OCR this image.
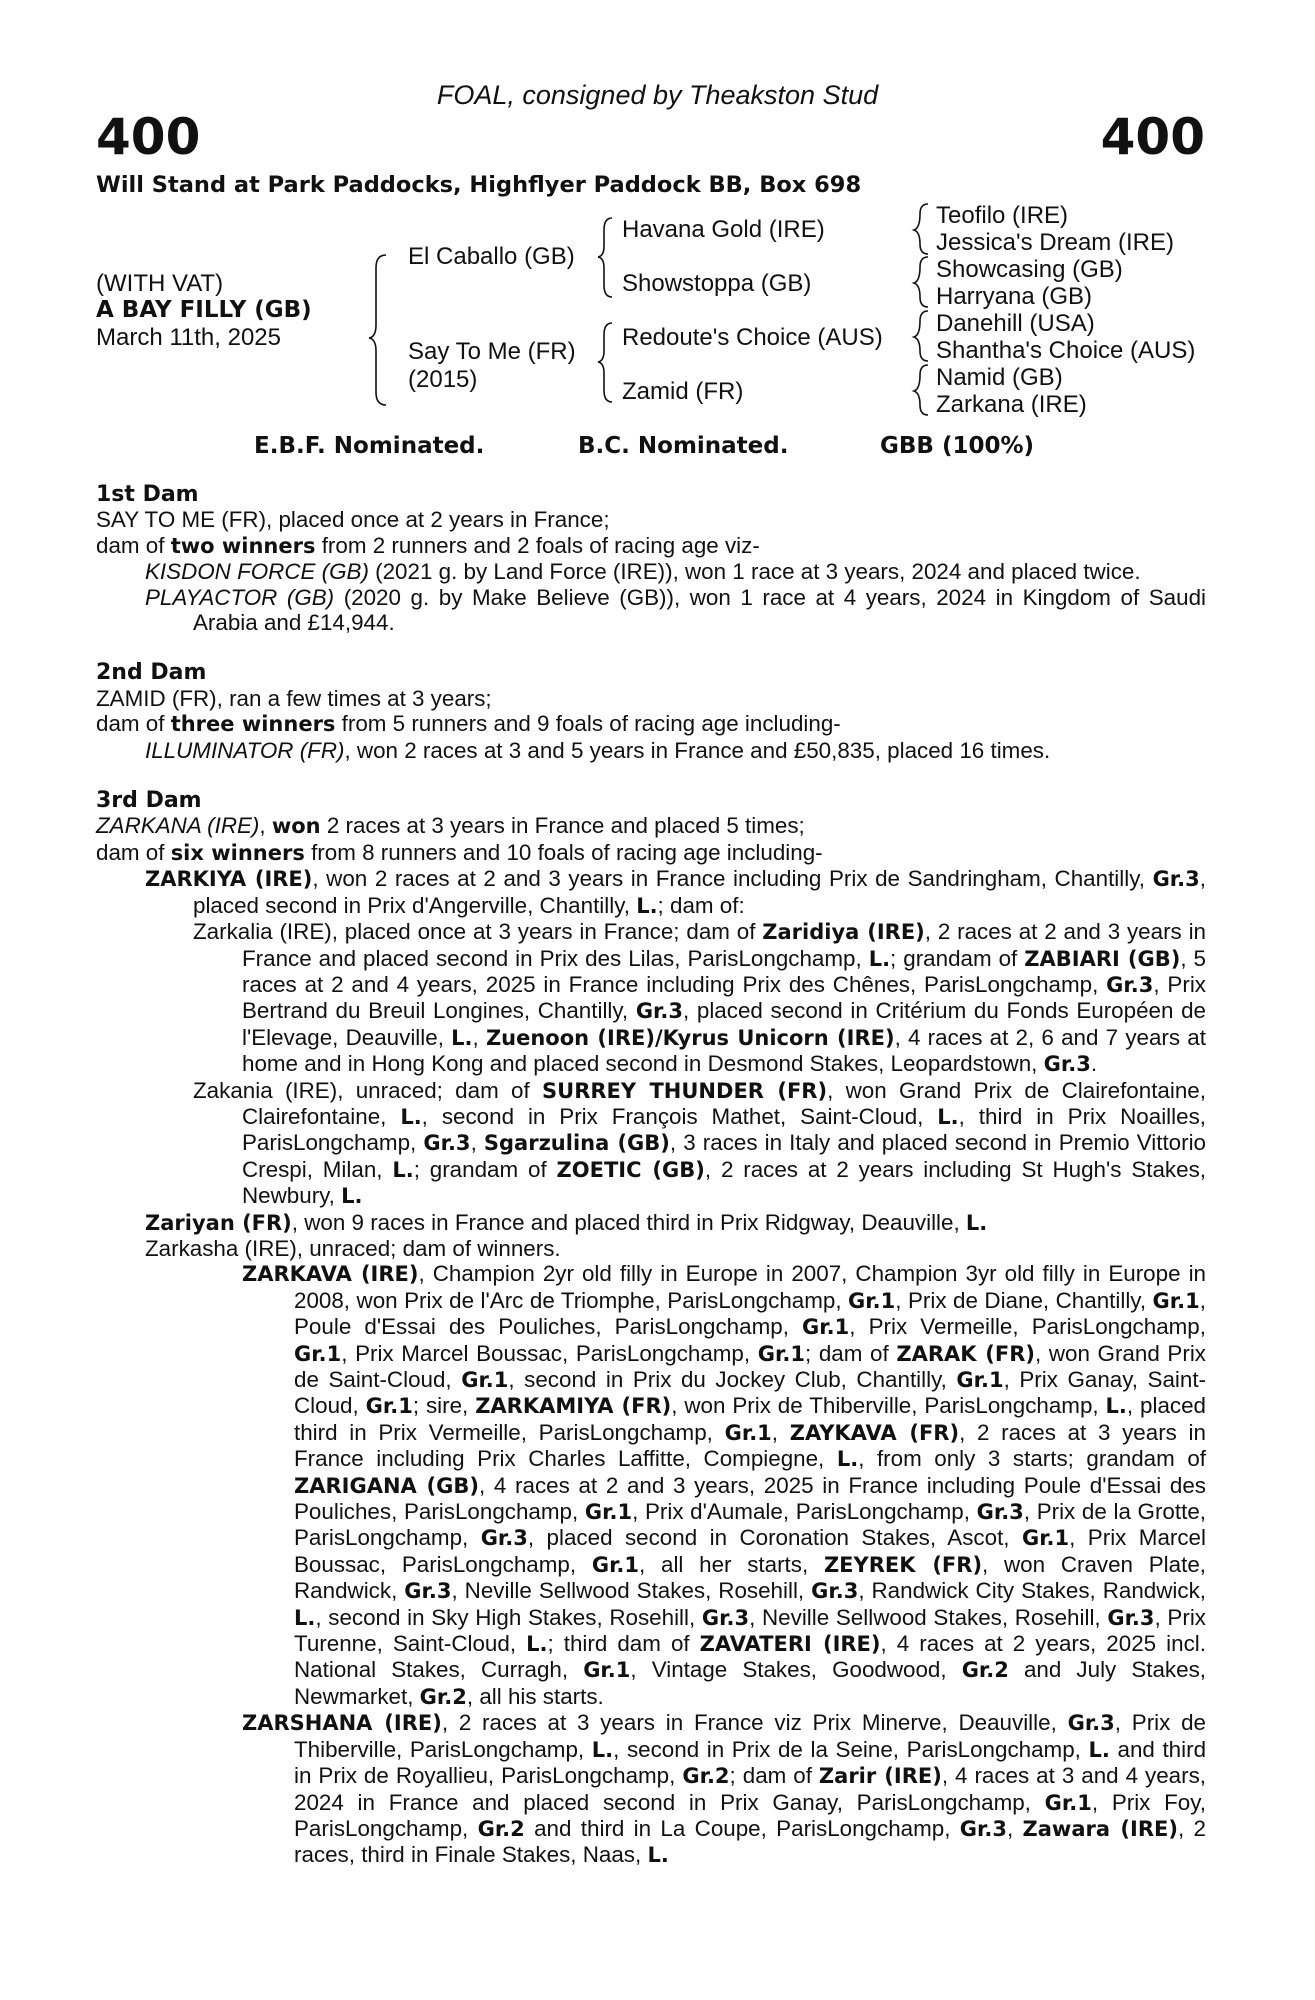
FOAL, consigned by Theakston Stud
400	400
Will Stand at Park Paddocks, Highflyer Paddock BB, Box 698
(WITH VAT)
A BAY FILLY (GB)
March 11th, 2025
El Caballo (GB)
Say To Me (FR)
(2015)
Havana Gold (IRE)
Showstoppa (GB)
Redoute's Choice (AUS)
Zamid (FR)
Teofilo (IRE)
Jessica's Dream (IRE)
Showcasing (GB)
Harryana (GB)
Danehill (USA)
Shantha's Choice (AUS)
Namid (GB)
Zarkana (IRE)
E.B.F. Nominated.	B.C. Nominated.	GBB (100%)

1st Dam

SAY TO ME (FR), placed once at 2 years in France;

dam of two winners from 2 runners and 2 foals of racing age viz-

KISDON FORCE (GB) (2021 g. by Land Force (IRE)), won 1 race at 3 years, 2024 and placed twice.

PLAYACTOR (GB) (2020 g. by Make Believe (GB)), won 1 race at 4 years, 2024 in Kingdom of Saudi Arabia and £14,944.

2nd Dam

ZAMID (FR), ran a few times at 3 years;

dam of three winners from 5 runners and 9 foals of racing age including-

ILLUMINATOR (FR), won 2 races at 3 and 5 years in France and £50,835, placed 16 times.

3rd Dam

ZARKANA (IRE), won 2 races at 3 years in France and placed 5 times;

dam of six winners from 8 runners and 10 foals of racing age including-

ZARKIYA (IRE), won 2 races at 2 and 3 years in France including Prix de Sandringham, Chantilly, Gr.3, placed second in Prix d'Angerville, Chantilly, L.; dam of:

Zarkalia (IRE), placed once at 3 years in France; dam of Zaridiya (IRE), 2 races at 2 and 3 years in France and placed second in Prix des Lilas, ParisLongchamp, L.; grandam of ZABIARI (GB), 5 races at 2 and 4 years, 2025 in France including Prix des Chênes, ParisLongchamp, Gr.3, Prix Bertrand du Breuil Longines, Chantilly, Gr.3, placed second in Critérium du Fonds Européen de l'Elevage, Deauville, L., Zuenoon (IRE)/Kyrus Unicorn (IRE), 4 races at 2, 6 and 7 years at home and in Hong Kong and placed second in Desmond Stakes, Leopardstown, Gr.3.

Zakania (IRE), unraced; dam of SURREY THUNDER (FR), won Grand Prix de Clairefontaine, Clairefontaine, L., second in Prix François Mathet, Saint-Cloud, L., third in Prix Noailles, ParisLongchamp, Gr.3, Sgarzulina (GB), 3 races in Italy and placed second in Premio Vittorio Crespi, Milan, L.; grandam of ZOETIC (GB), 2 races at 2 years including St Hugh's Stakes, Newbury, L.

Zariyan (FR), won 9 races in France and placed third in Prix Ridgway, Deauville, L.

Zarkasha (IRE), unraced; dam of winners.

ZARKAVA (IRE), Champion 2yr old filly in Europe in 2007, Champion 3yr old filly in Europe in 2008, won Prix de l'Arc de Triomphe, ParisLongchamp, Gr.1, Prix de Diane, Chantilly, Gr.1, Poule d'Essai des Pouliches, ParisLongchamp, Gr.1, Prix Vermeille, ParisLongchamp, Gr.1, Prix Marcel Boussac, ParisLongchamp, Gr.1; dam of ZARAK (FR), won Grand Prix de Saint-Cloud, Gr.1, second in Prix du Jockey Club, Chantilly, Gr.1, Prix Ganay, Saint-Cloud, Gr.1; sire, ZARKAMIYA (FR), won Prix de Thiberville, ParisLongchamp, L., placed third in Prix Vermeille, ParisLongchamp, Gr.1, ZAYKAVA (FR), 2 races at 3 years in France including Prix Charles Laffitte, Compiegne, L., from only 3 starts; grandam of ZARIGANA (GB), 4 races at 2 and 3 years, 2025 in France including Poule d'Essai des Pouliches, ParisLongchamp, Gr.1, Prix d'Aumale, ParisLongchamp, Gr.3, Prix de la Grotte, ParisLongchamp, Gr.3, placed second in Coronation Stakes, Ascot, Gr.1, Prix Marcel Boussac, ParisLongchamp, Gr.1, all her starts, ZEYREK (FR), won Craven Plate, Randwick, Gr.3, Neville Sellwood Stakes, Rosehill, Gr.3, Randwick City Stakes, Randwick, L., second in Sky High Stakes, Rosehill, Gr.3, Neville Sellwood Stakes, Rosehill, Gr.3, Prix Turenne, Saint-Cloud, L.; third dam of ZAVATERI (IRE), 4 races at 2 years, 2025 incl. National Stakes, Curragh, Gr.1, Vintage Stakes, Goodwood, Gr.2 and July Stakes, Newmarket, Gr.2, all his starts.

ZARSHANA (IRE), 2 races at 3 years in France viz Prix Minerve, Deauville, Gr.3, Prix de Thiberville, ParisLongchamp, L., second in Prix de la Seine, ParisLongchamp, L. and third in Prix de Royallieu, ParisLongchamp, Gr.2; dam of Zarir (IRE), 4 races at 3 and 4 years, 2024 in France and placed second in Prix Ganay, ParisLongchamp, Gr.1, Prix Foy, ParisLongchamp, Gr.2 and third in La Coupe, ParisLongchamp, Gr.3, Zawara (IRE), 2 races, third in Finale Stakes, Naas, L.
